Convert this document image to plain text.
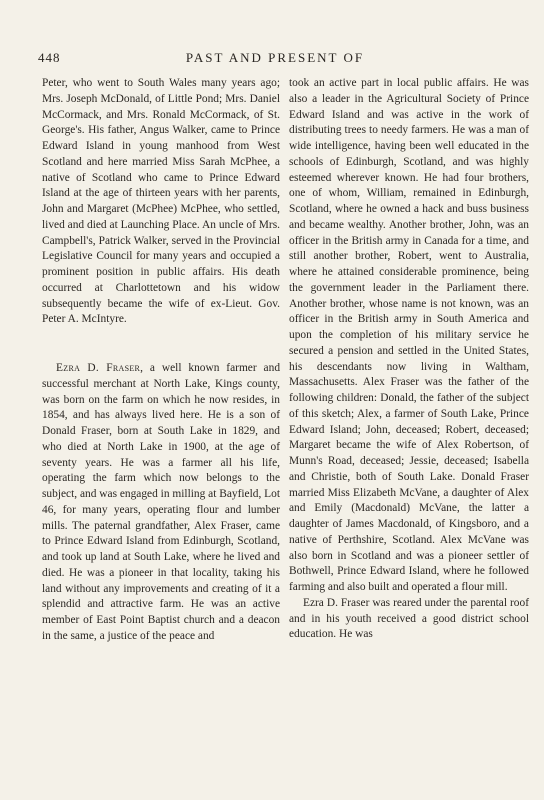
448	PAST AND PRESENT OF

Peter, who went to South Wales many years ago; Mrs. Joseph McDonald, of Little Pond; Mrs. Daniel McCormack, and Mrs. Ronald McCormack, of St. George's. His father, Angus Walker, came to Prince Edward Island in young manhood from West Scotland and here married Miss Sarah McPhee, a native of Scotland who came to Prince Edward Island at the age of thirteen years with her parents, John and Margaret (McPhee) McPhee, who settled, lived and died at Launching Place. An uncle of Mrs. Campbell's, Patrick Walker, served in the Provincial Legislative Council for many years and occupied a prominent position in public affairs. His death occurred at Charlottetown and his widow subsequently became the wife of ex-Lieut. Gov. Peter A. McIntyre.

Ezra D. Fraser, a well known farmer and successful merchant at North Lake, Kings county, was born on the farm on which he now resides, in 1854, and has always lived here. He is a son of Donald Fraser, born at South Lake in 1829, and who died at North Lake in 1900, at the age of seventy years. He was a farmer all his life, operating the farm which now belongs to the subject, and was engaged in milling at Bayfield, Lot 46, for many years, operating flour and lumber mills. The paternal grandfather, Alex Fraser, came to Prince Edward Island from Edinburgh, Scotland, and took up land at South Lake, where he lived and died. He was a pioneer in that locality, taking his land without any improvements and creating of it a splendid and attractive farm. He was an active member of East Point Baptist church and a deacon in the same, a justice of the peace and

took an active part in local public affairs. He was also a leader in the Agricultural Society of Prince Edward Island and was active in the work of distributing trees to needy farmers. He was a man of wide intelligence, having been well educated in the schools of Edinburgh, Scotland, and was highly esteemed wherever known. He had four brothers, one of whom, William, remained in Edinburgh, Scotland, where he owned a hack and buss business and became wealthy. Another brother, John, was an officer in the British army in Canada for a time, and still another brother, Robert, went to Australia, where he attained considerable prominence, being the government leader in the Parliament there. Another brother, whose name is not known, was an officer in the British army in South America and upon the completion of his military service he secured a pension and settled in the United States, his descendants now living in Waltham, Massachusetts. Alex Fraser was the father of the following children: Donald, the father of the subject of this sketch; Alex, a farmer of South Lake, Prince Edward Island; John, deceased; Robert, deceased; Margaret became the wife of Alex Robertson, of Munn's Road, deceased; Jessie, deceased; Isabella and Christie, both of South Lake. Donald Fraser married Miss Elizabeth McVane, a daughter of Alex and Emily (Macdonald) McVane, the latter a daughter of James Macdonald, of Kingsboro, and a native of Perthshire, Scotland. Alex McVane was also born in Scotland and was a pioneer settler of Bothwell, Prince Edward Island, where he followed farming and also built and operated a flour mill.

Ezra D. Fraser was reared under the parental roof and in his youth received a good district school education. He was
